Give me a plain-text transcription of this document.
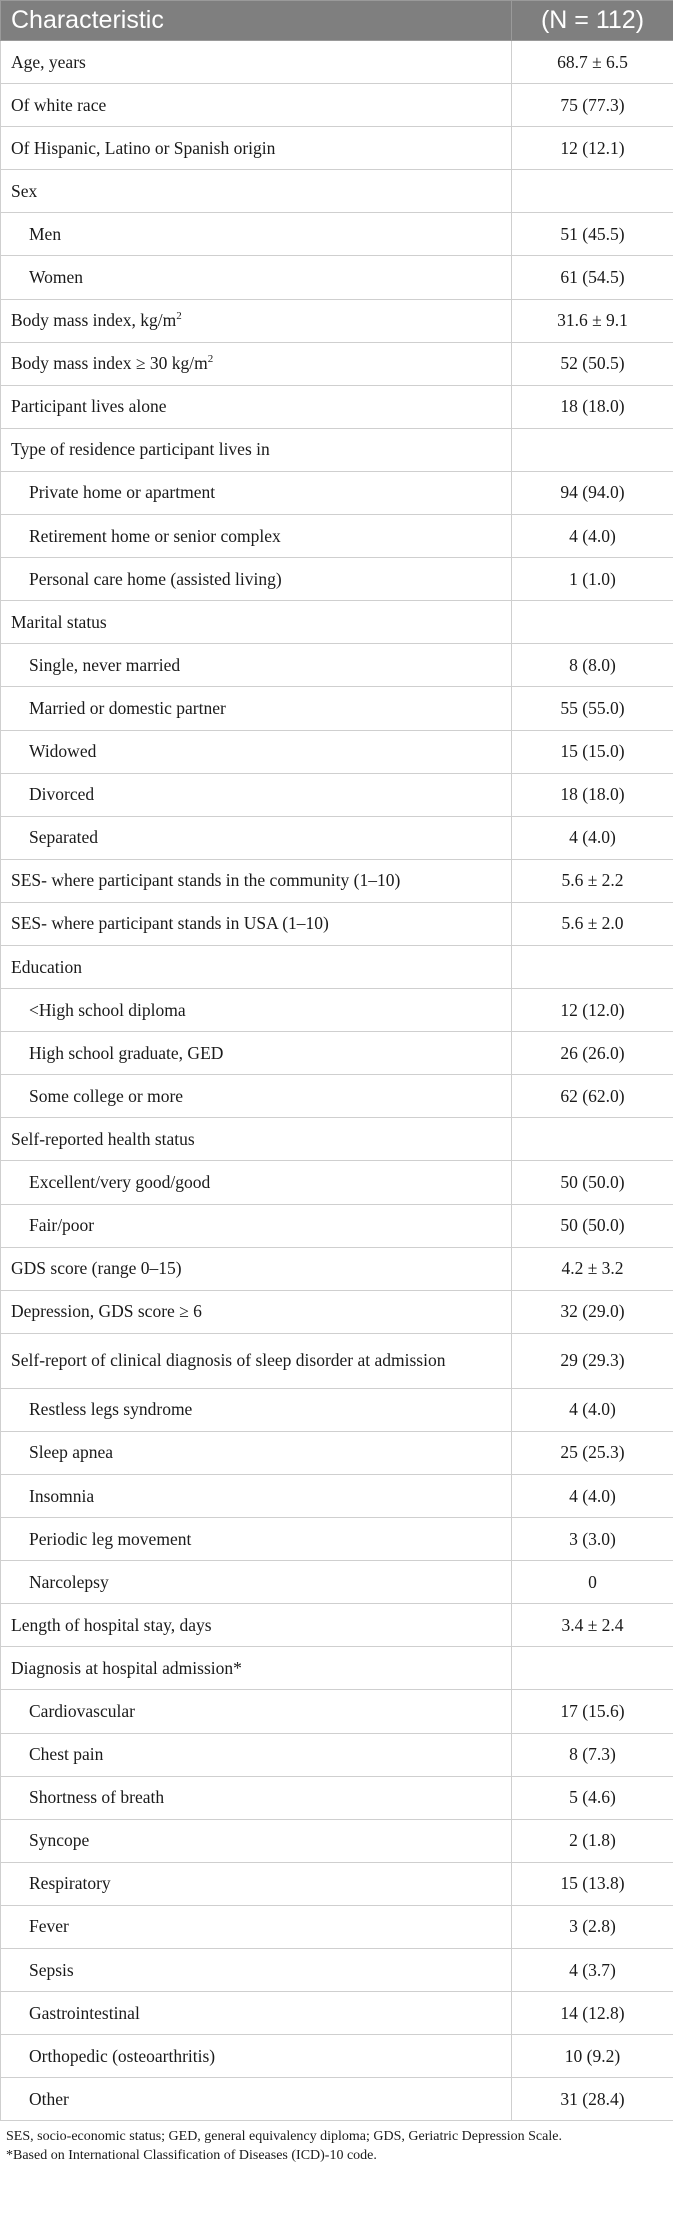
Characteristic	(N = 112)
Age, years	68.7 ± 6.5
Of white race	75 (77.3)
Of Hispanic, Latino or Spanish origin	12 (12.1)
Sex	
Men	51 (45.5)
Women	61 (54.5)
Body mass index, $kg/m^2$	31.6 ± 9.1
Body mass index ≥ 30 $kg/m^2$	52 (50.5)
Participant lives alone	18 (18.0)
Type of residence participant lives in	
Private home or apartment	94 (94.0)
Retirement home or senior complex	4 (4.0)
Personal care home (assisted living)	1 (1.0)
Marital status	
Single, never married	8 (8.0)
Married or domestic partner	55 (55.0)
Widowed	15 (15.0)
Divorced	18 (18.0)
Separated	4 (4.0)
SES- where participant stands in the community (1–10)	5.6 ± 2.2
SES- where participant stands in USA (1–10)	5.6 ± 2.0
Education	
<High school diploma	12 (12.0)
High school graduate, GED	26 (26.0)
Some college or more	62 (62.0)
Self-reported health status	
Excellent/very good/good	50 (50.0)
Fair/poor	50 (50.0)
GDS score (range 0–15)	4.2 ± 3.2
Depression, GDS score ≥ 6	32 (29.0)
Self-report of clinical diagnosis of sleep disorder at admission	29 (29.3)
Restless legs syndrome	4 (4.0)
Sleep apnea	25 (25.3)
Insomnia	4 (4.0)
Periodic leg movement	3 (3.0)
Narcolepsy	0
Length of hospital stay, days	3.4 ± 2.4
Diagnosis at hospital admission*	
Cardiovascular	17 (15.6)
Chest pain	8 (7.3)
Shortness of breath	5 (4.6)
Syncope	2 (1.8)
Respiratory	15 (13.8)
Fever	3 (2.8)
Sepsis	4 (3.7)
Gastrointestinal	14 (12.8)
Orthopedic (osteoarthritis)	10 (9.2)
Other	31 (28.4)

SES, socio-economic status; GED, general equivalency diploma; GDS, Geriatric Depression Scale.

*Based on International Classification of Diseases (ICD)-10 code.
